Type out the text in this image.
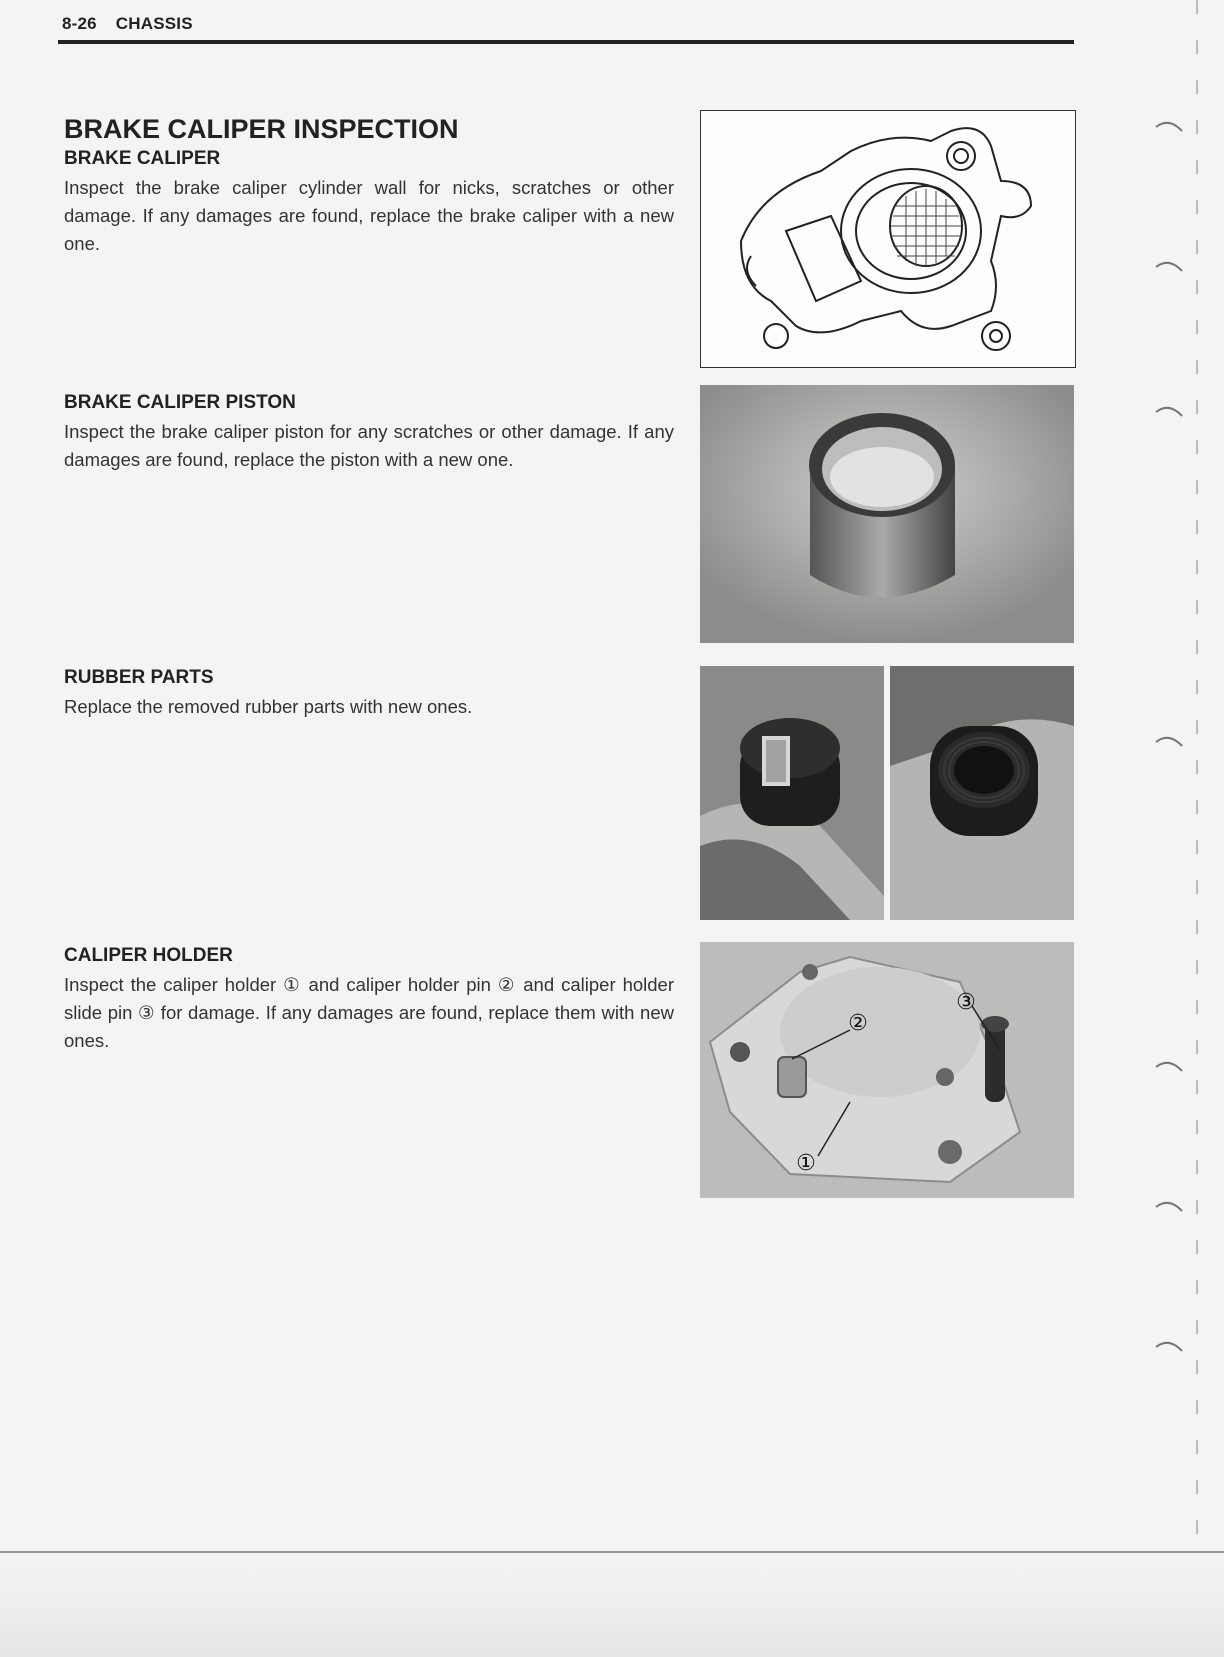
8-26 CHASSIS
BRAKE CALIPER INSPECTION
BRAKE CALIPER

Inspect the brake caliper cylinder wall for nicks, scratches or other damage. If any damages are found, replace the brake caliper with a new one.

BRAKE CALIPER PISTON

Inspect the brake caliper piston for any scratches or other damage. If any damages are found, replace the piston with a new one.

RUBBER PARTS

Replace the removed rubber parts with new ones.

CALIPER HOLDER

Inspect the caliper holder ① and caliper holder pin ② and caliper holder slide pin ③ for damage. If any damages are found, replace them with new ones.

②
③
①
